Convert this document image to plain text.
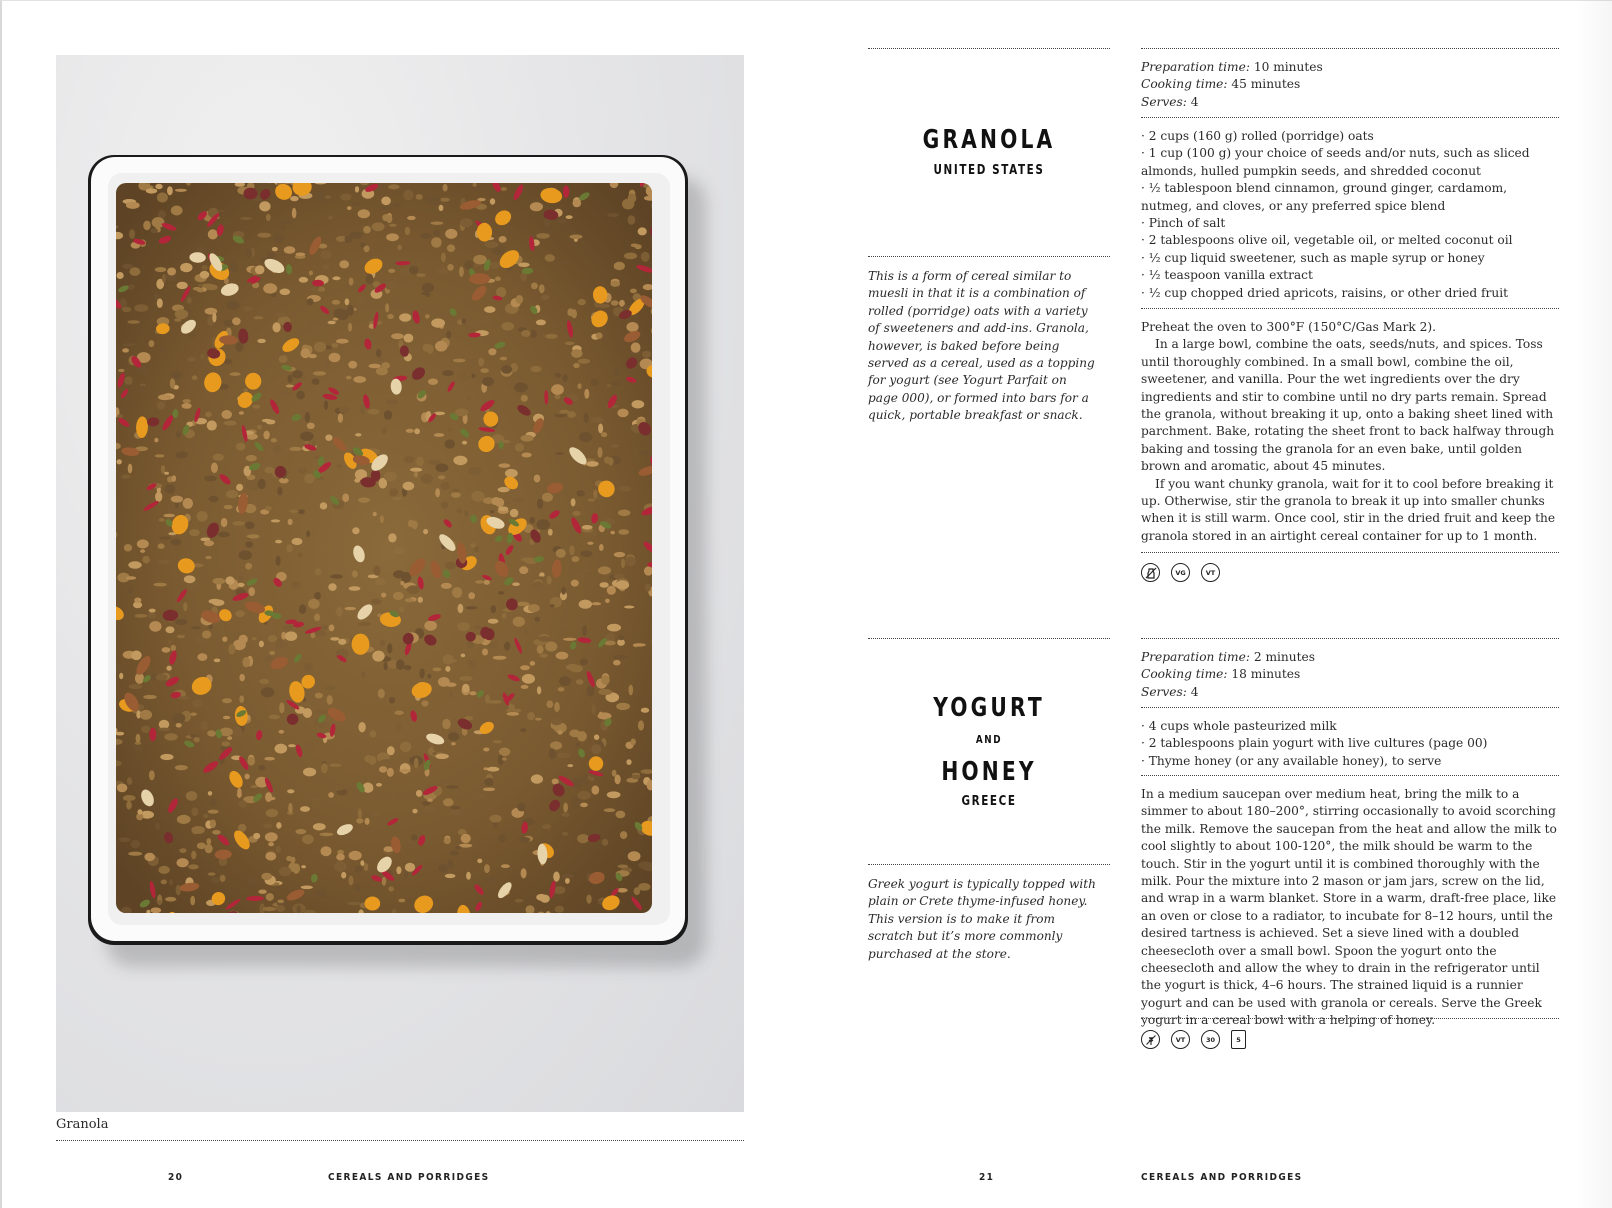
Granola
20	CEREALS AND PORRIDGES	21	CEREALS AND PORRIDGES
GRANOLA
UNITED STATES
This is a form of cereal similar to muesli in that it is a combination of rolled (porridge) oats with a variety of sweeteners and add-ins. Granola, however, is baked before being served as a cereal, used as a topping for yogurt (see Yogurt Parfait on page 000), or formed into bars for a quick, portable breakfast or snack.
Preparation time: 10 minutes
Cooking time: 45 minutes
Serves: 4
· 2 cups (160 g) rolled (porridge) oats
· 1 cup (100 g) your choice of seeds and/or nuts, such as sliced almonds, hulled pumpkin seeds, and shredded coconut
· ½ tablespoon blend cinnamon, ground ginger, cardamom, nutmeg, and cloves, or any preferred spice blend
· Pinch of salt
· 2 tablespoons olive oil, vegetable oil, or melted coconut oil
· ½ cup liquid sweetener, such as maple syrup or honey
· ½ teaspoon vanilla extract
· ½ cup chopped dried apricots, raisins, or other dried fruit

Preheat the oven to 300°F (150°C/Gas Mark 2).

In a large bowl, combine the oats, seeds/nuts, and spices. Toss until thoroughly combined. In a small bowl, combine the oil, sweetener, and vanilla. Pour the wet ingredients over the dry ingredients and stir to combine until no dry parts remain. Spread the granola, without breaking it up, onto a baking sheet lined with parchment. Bake, rotating the sheet front to back halfway through baking and tossing the granola for an even bake, until golden brown and aromatic, about 45 minutes.

If you want chunky granola, wait for it to cool before breaking it up. Otherwise, stir the granola to break it up into smaller chunks when it is still warm. Once cool, stir in the dried fruit and keep the granola stored in an airtight cereal container for up to 1 month.

VG	VT
YOGURT
AND
HONEY
GREECE
Greek yogurt is typically topped with plain or Crete thyme-infused honey. This version is to make it from scratch but it’s more commonly purchased at the store.
Preparation time: 2 minutes
Cooking time: 18 minutes
Serves: 4
· 4 cups whole pasteurized milk
· 2 tablespoons plain yogurt with live cultures (page 00)
· Thyme honey (or any available honey), to serve

In a medium saucepan over medium heat, bring the milk to a simmer to about 180–200°, stirring occasionally to avoid scorching the milk. Remove the saucepan from the heat and allow the milk to cool slightly to about 100-120°, the milk should be warm to the touch. Stir in the yogurt until it is combined thoroughly with the milk. Pour the mixture into 2 mason or jam jars, screw on the lid, and wrap in a warm blanket. Store in a warm, draft-free place, like an oven or close to a radiator, to incubate for 8–12 hours, until the desired tartness is achieved. Set a sieve lined with a doubled cheesecloth over a small bowl. Spoon the yogurt onto the cheesecloth and allow the whey to drain in the refrigerator until the yogurt is thick, 4–6 hours. The strained liquid is a runnier yogurt and can be used with granola or cereals. Serve the Greek yogurt in a cereal bowl with a helping of honey.

VT	30	5
